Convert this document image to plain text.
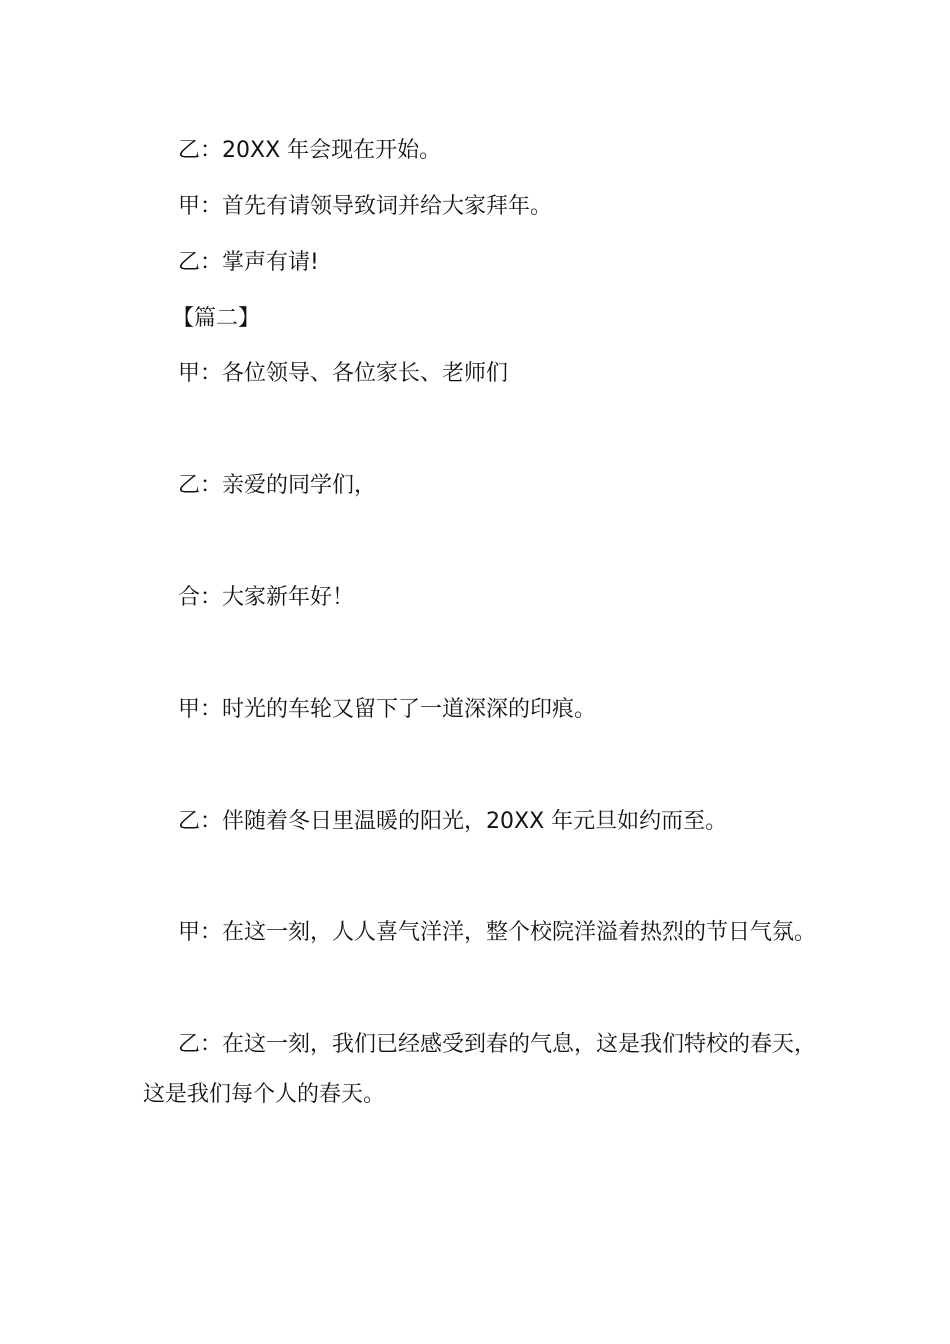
乙：20XX 年会现在开始。
甲：首先有请领导致词并给大家拜年。
乙：掌声有请!
【篇二】
甲：各位领导、各位家长、老师们
乙：亲爱的同学们，
合：大家新年好！
甲：时光的车轮又留下了一道深深的印痕。
乙：伴随着冬日里温暖的阳光，20XX 年元旦如约而至。
甲：在这一刻，人人喜气洋洋，整个校院洋溢着热烈的节日气氛。
乙：在这一刻，我们已经感受到春的气息，这是我们特校的春天，
这是我们每个人的春天。
